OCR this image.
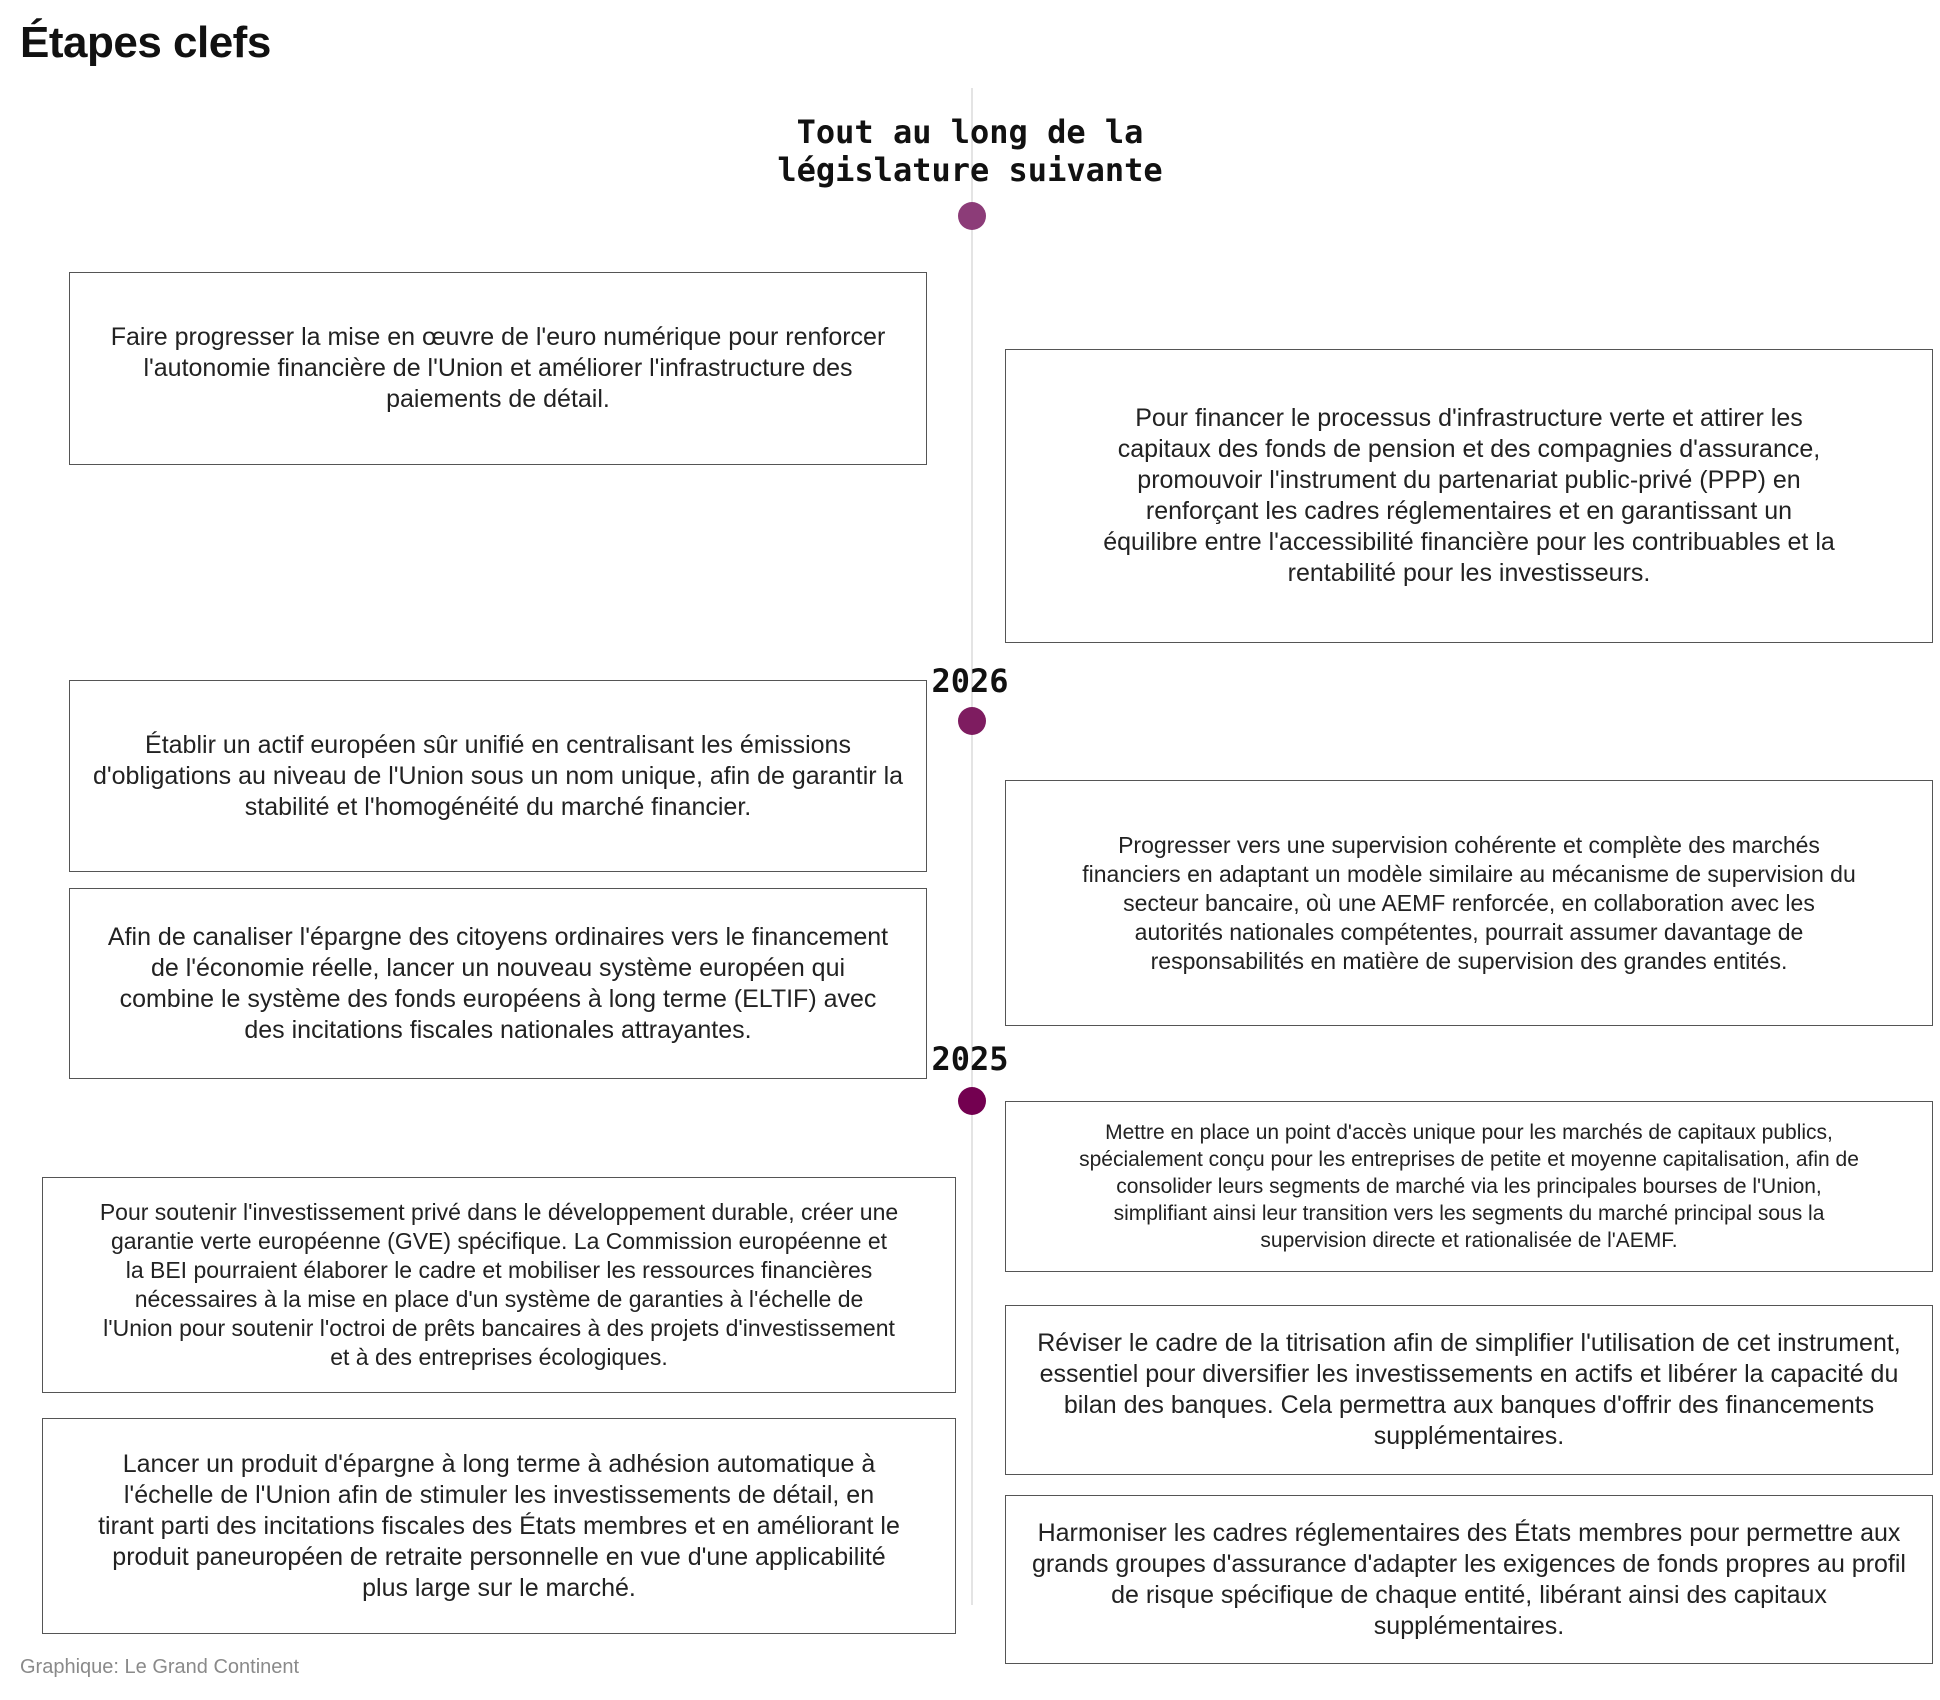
Étapes clefs
Tout au long de la
législature suivante
2026
2025
Faire progresser la mise en œuvre de l'euro numérique pour renforcer l'autonomie financière de l'Union et améliorer l'infrastructure des paiements de détail.
Pour financer le processus d'infrastructure verte et attirer les capitaux des fonds de pension et des compagnies d'assurance, promouvoir l'instrument du partenariat public-privé (PPP) en renforçant les cadres réglementaires et en garantissant un équilibre entre l'accessibilité financière pour les contribuables et la rentabilité pour les investisseurs.
Établir un actif européen sûr unifié en centralisant les émissions d'obligations au niveau de l'Union sous un nom unique, afin de garantir la stabilité et l'homogénéité du marché financier.
Afin de canaliser l'épargne des citoyens ordinaires vers le financement de l'économie réelle, lancer un nouveau système européen qui combine le système des fonds européens à long terme (ELTIF) avec des incitations fiscales nationales attrayantes.
Progresser vers une supervision cohérente et complète des marchés financiers en adaptant un modèle similaire au mécanisme de supervision du secteur bancaire, où une AEMF renforcée, en collaboration avec les autorités nationales compétentes, pourrait assumer davantage de responsabilités en matière de supervision des grandes entités.
Mettre en place un point d'accès unique pour les marchés de capitaux publics, spécialement conçu pour les entreprises de petite et moyenne capitalisation, afin de consolider leurs segments de marché via les principales bourses de l'Union, simplifiant ainsi leur transition vers les segments du marché principal sous la supervision directe et rationalisée de l'AEMF.
Pour soutenir l'investissement privé dans le développement durable, créer une garantie verte européenne (GVE) spécifique. La Commission européenne et la BEI pourraient élaborer le cadre et mobiliser les ressources financières nécessaires à la mise en place d'un système de garanties à l'échelle de l'Union pour soutenir l'octroi de prêts bancaires à des projets d'investissement et à des entreprises écologiques.	Réviser le cadre de la titrisation afin de simplifier l'utilisation de cet instrument, essentiel pour diversifier les investissements en actifs et libérer la capacité du bilan des banques. Cela permettra aux banques d'offrir des financements supplémentaires.
Lancer un produit d'épargne à long terme à adhésion automatique à l'échelle de l'Union afin de stimuler les investissements de détail, en tirant parti des incitations fiscales des États membres et en améliorant le produit paneuropéen de retraite personnelle en vue d'une applicabilité plus large sur le marché.
Harmoniser les cadres réglementaires des États membres pour permettre aux grands groupes d'assurance d'adapter les exigences de fonds propres au profil de risque spécifique de chaque entité, libérant ainsi des capitaux supplémentaires.
Graphique: Le Grand Continent
